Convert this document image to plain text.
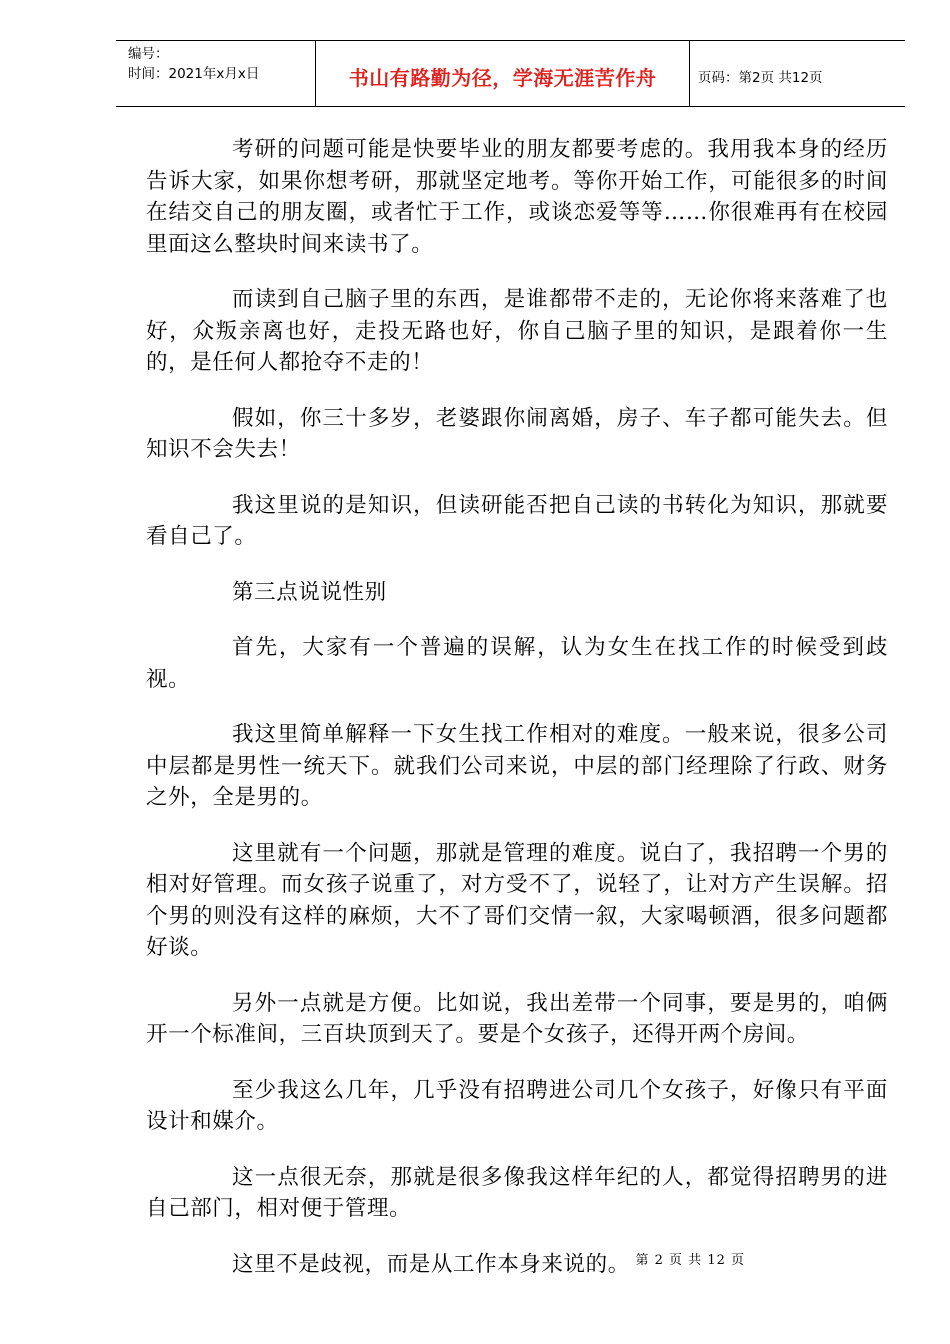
编号：
时间：2021年x月x日	书山有路勤为径，学海无涯苦作舟	页码：第2页 共12页

考研的问题可能是快要毕业的朋友都要考虑的。我用我本身的经历告诉大家，如果你想考研，那就坚定地考。等你开始工作，可能很多的时间在结交自己的朋友圈，或者忙于工作，或谈恋爱等等……你很难再有在校园里面这么整块时间来读书了。

而读到自己脑子里的东西，是谁都带不走的，无论你将来落难了也好，众叛亲离也好，走投无路也好，你自己脑子里的知识，是跟着你一生的，是任何人都抢夺不走的！

假如，你三十多岁，老婆跟你闹离婚，房子、车子都可能失去。但知识不会失去！

我这里说的是知识，但读研能否把自己读的书转化为知识，那就要看自己了。

第三点说说性别

首先，大家有一个普遍的误解，认为女生在找工作的时候受到歧视。

我这里简单解释一下女生找工作相对的难度。一般来说，很多公司中层都是男性一统天下。就我们公司来说，中层的部门经理除了行政、财务之外，全是男的。

这里就有一个问题，那就是管理的难度。说白了，我招聘一个男的相对好管理。而女孩子说重了，对方受不了，说轻了，让对方产生误解。招个男的则没有这样的麻烦，大不了哥们交情一叙，大家喝顿酒，很多问题都好谈。

另外一点就是方便。比如说，我出差带一个同事，要是男的，咱俩开一个标准间，三百块顶到天了。要是个女孩子，还得开两个房间。

至少我这么几年，几乎没有招聘进公司几个女孩子，好像只有平面设计和媒介。

这一点很无奈，那就是很多像我这样年纪的人，都觉得招聘男的进自己部门，相对便于管理。

这里不是歧视，而是从工作本身来说的。 第 2 页 共 12 页
